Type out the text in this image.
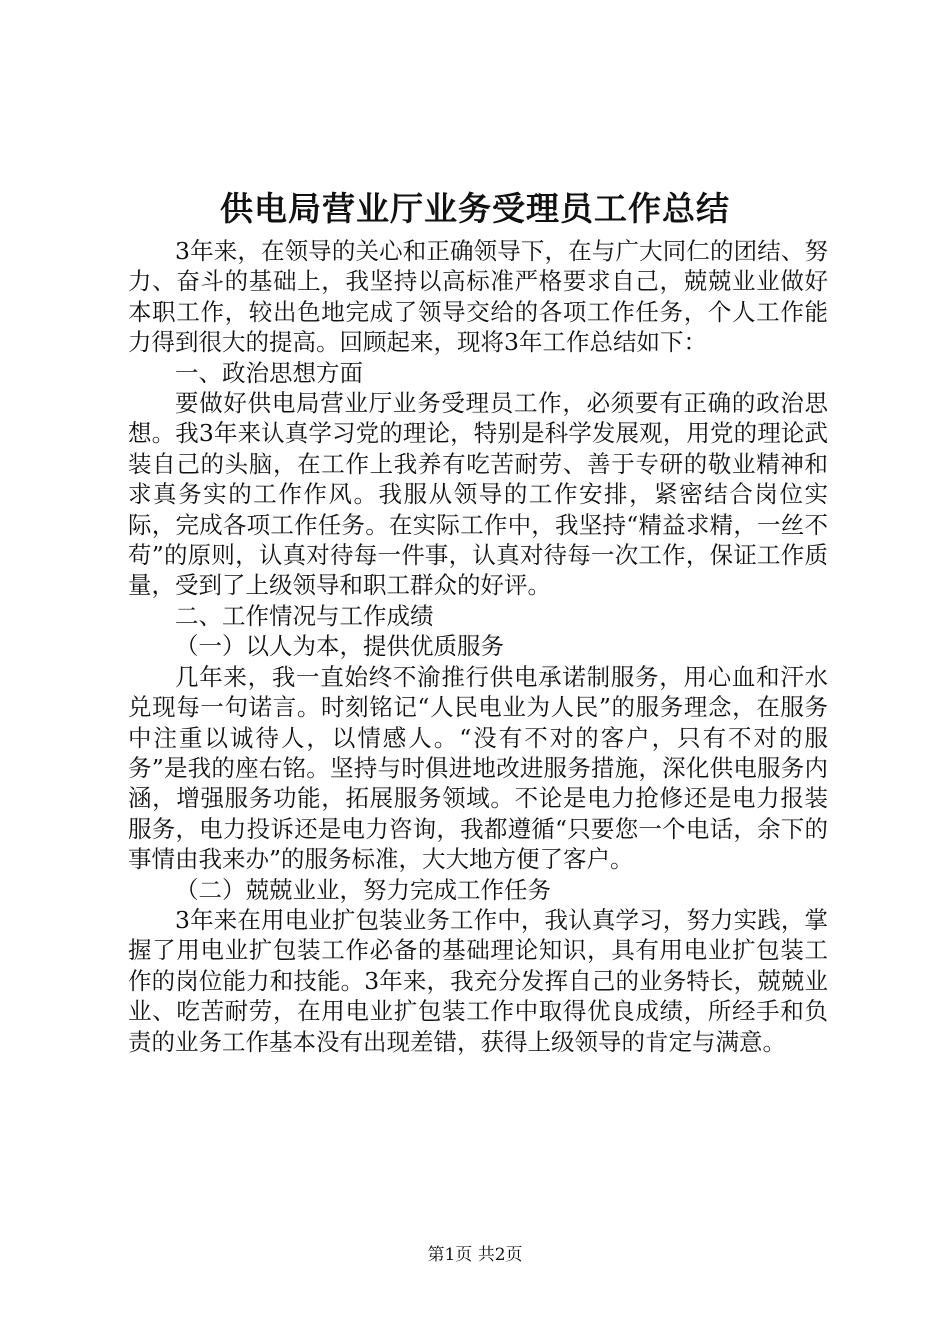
供电局营业厅业务受理员工作总结

3年来，在领导的关心和正确领导下，在与广大同仁的团结、努力、奋斗的基础上，我坚持以高标准严格要求自己，兢兢业业做好本职工作，较出色地完成了领导交给的各项工作任务，个人工作能力得到很大的提高。回顾起来，现将3年工作总结如下：

一、政治思想方面

要做好供电局营业厅业务受理员工作，必须要有正确的政治思想。我3年来认真学习党的理论，特别是科学发展观，用党的理论武装自己的头脑，在工作上我养有吃苦耐劳、善于专研的敬业精神和求真务实的工作作风。我服从领导的工作安排，紧密结合岗位实际，完成各项工作任务。在实际工作中，我坚持“精益求精，一丝不苟”的原则，认真对待每一件事，认真对待每一次工作，保证工作质量，受到了上级领导和职工群众的好评。

二、工作情况与工作成绩

（一）以人为本，提供优质服务

几年来，我一直始终不渝推行供电承诺制服务，用心血和汗水兑现每一句诺言。时刻铭记“人民电业为人民”的服务理念，在服务中注重以诚待人，以情感人。“没有不对的客户，只有不对的服务”是我的座右铭。坚持与时俱进地改进服务措施，深化供电服务内涵，增强服务功能，拓展服务领域。不论是电力抢修还是电力报装服务，电力投诉还是电力咨询，我都遵循“只要您一个电话，余下的事情由我来办”的服务标准，大大地方便了客户。

（二）兢兢业业，努力完成工作任务

3年来在用电业扩包装业务工作中，我认真学习，努力实践，掌握了用电业扩包装工作必备的基础理论知识，具有用电业扩包装工作的岗位能力和技能。3年来，我充分发挥自己的业务特长，兢兢业业、吃苦耐劳，在用电业扩包装工作中取得优良成绩，所经手和负责的业务工作基本没有出现差错，获得上级领导的肯定与满意。

第1页 共2页
